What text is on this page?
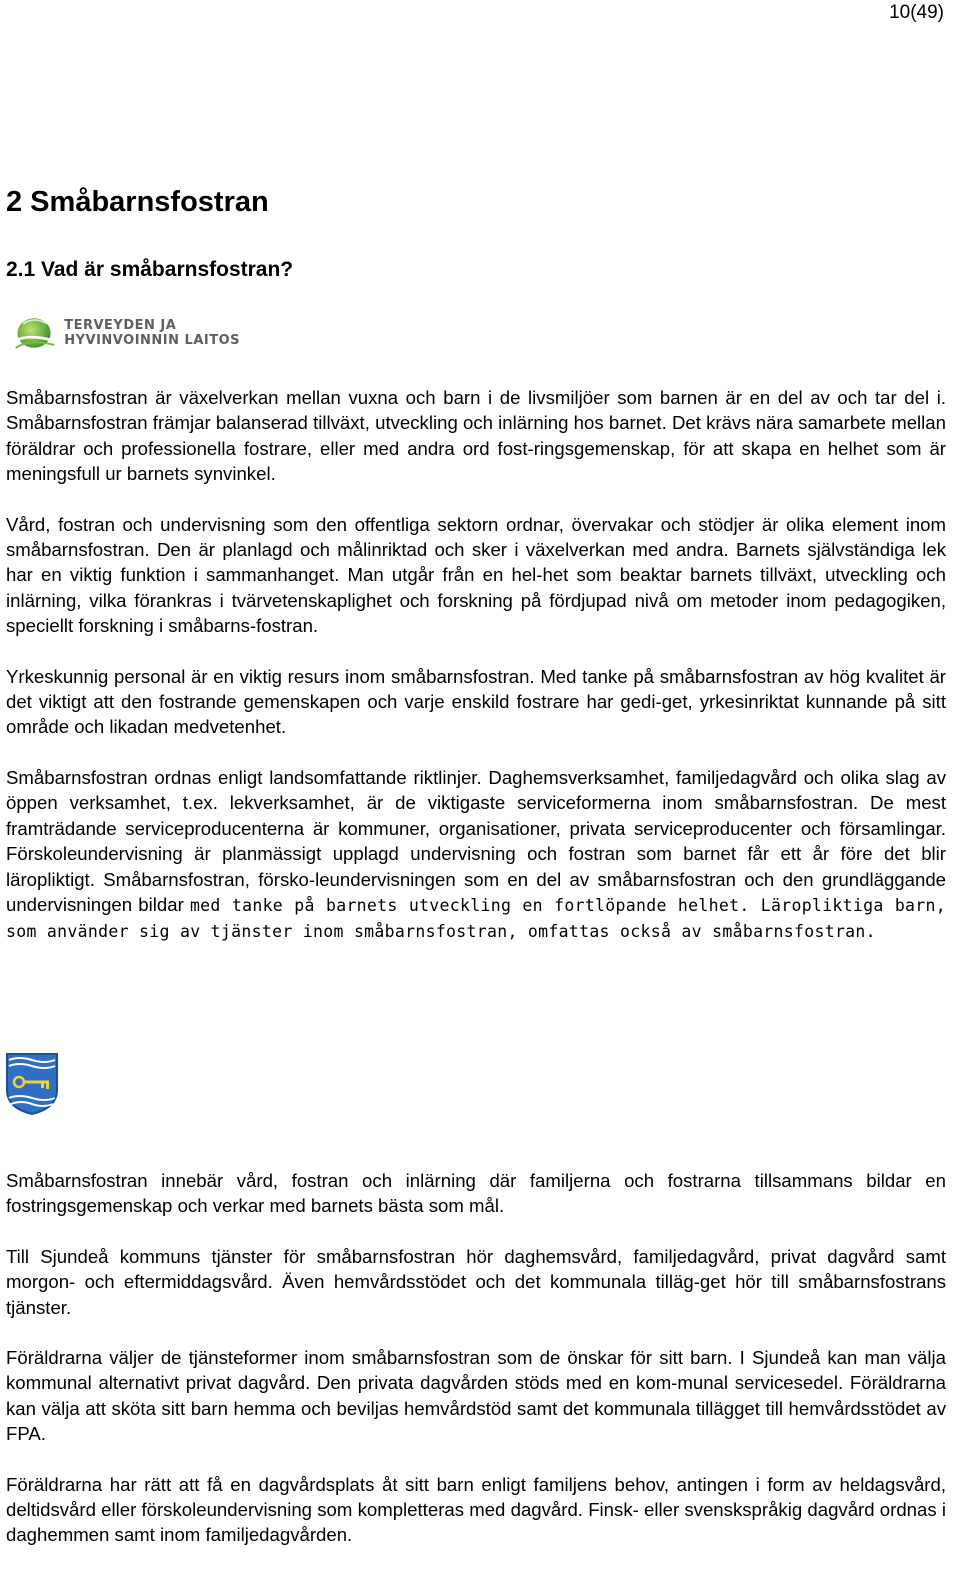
10(49)
2 Småbarnsfostran
2.1 Vad är småbarnsfostran?
TERVEYDEN JA
HYVINVOINNIN LAITOS

Småbarnsfostran är växelverkan mellan vuxna och barn i de livsmiljöer som barnen är en del av och tar del i. Småbarnsfostran främjar balanserad tillväxt, utveckling och inlärning hos barnet. Det krävs nära samarbete mellan föräldrar och professionella fostrare, eller med andra ord fost-ringsgemenskap, för att skapa en helhet som är meningsfull ur barnets synvinkel.

Vård, fostran och undervisning som den offentliga sektorn ordnar, övervakar och stödjer är olika element inom småbarnsfostran. Den är planlagd och målinriktad och sker i växelverkan med andra. Barnets självständiga lek har en viktig funktion i sammanhanget. Man utgår från en hel-het som beaktar barnets tillväxt, utveckling och inlärning, vilka förankras i tvärvetenskaplighet och forskning på fördjupad nivå om metoder inom pedagogiken, speciellt forskning i småbarns-fostran.

Yrkeskunnig personal är en viktig resurs inom småbarnsfostran. Med tanke på småbarnsfostran av hög kvalitet är det viktigt att den fostrande gemenskapen och varje enskild fostrare har gedi-get, yrkesinriktat kunnande på sitt område och likadan medvetenhet.

Småbarnsfostran ordnas enligt landsomfattande riktlinjer. Daghemsverksamhet, familjedagvård och olika slag av öppen verksamhet, t.ex. lekverksamhet, är de viktigaste serviceformerna inom småbarnsfostran. De mest framträdande serviceproducenterna är kommuner, organisationer, privata serviceproducenter och församlingar. Förskoleundervisning är planmässigt upplagd undervisning och fostran som barnet får ett år före det blir läropliktigt. Småbarnsfostran, försko-leundervisningen som en del av småbarnsfostran och den grundläggande undervisningen bildar med tanke på barnets utveckling en fortlöpande helhet. Läropliktiga barn, som använder sig av tjänster inom småbarnsfostran, omfattas också av småbarnsfostran.

Småbarnsfostran innebär vård, fostran och inlärning där familjerna och fostrarna tillsammans bildar en fostringsgemenskap och verkar med barnets bästa som mål.

Till Sjundeå kommuns tjänster för småbarnsfostran hör daghemsvård, familjedagvård, privat dagvård samt morgon- och eftermiddagsvård. Även hemvårdsstödet och det kommunala tilläg-get hör till småbarnsfostrans tjänster.

Föräldrarna väljer de tjänsteformer inom småbarnsfostran som de önskar för sitt barn. I Sjundeå kan man välja kommunal alternativt privat dagvård. Den privata dagvården stöds med en kom-munal servicesedel. Föräldrarna kan välja att sköta sitt barn hemma och beviljas hemvårdstöd samt det kommunala tillägget till hemvårdsstödet av FPA.

Föräldrarna har rätt att få en dagvårdsplats åt sitt barn enligt familjens behov, antingen i form av heldagsvård, deltidsvård eller förskoleundervisning som kompletteras med dagvård. Finsk- eller svenskspråkig dagvård ordnas i daghemmen samt inom familjedagvården.
